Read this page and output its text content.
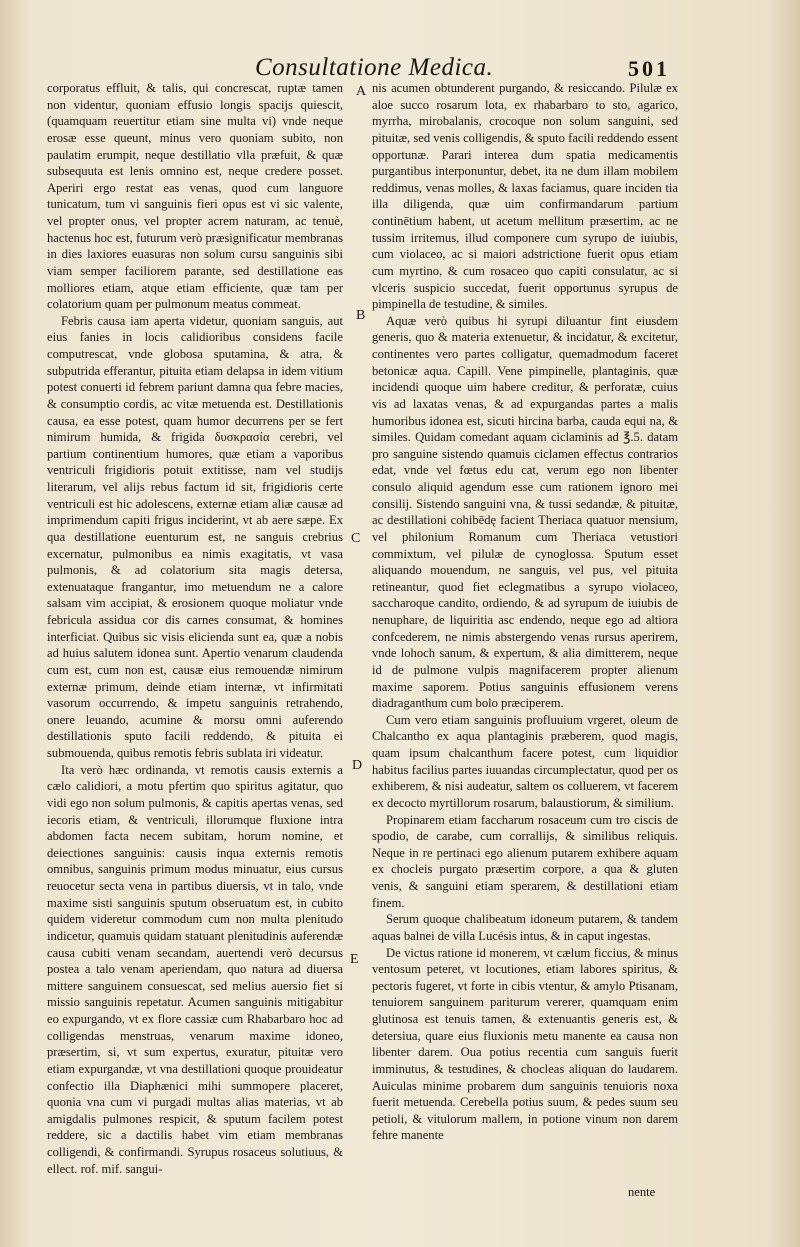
Consultatione Medica.	501

corporatus effluit, & talis, qui concrescat, ruptæ tamen non videntur, quoniam effusio longis spacijs quiescit, (quamquam reuertitur etiam sine multa vi) vnde neque erosæ esse queunt, minus vero quoniam subito, non paulatim erumpit, neque destillatio vlla præfuit, & quæ subsequuta est lenis omnino est, neque credere posset. Aperiri ergo restat eas venas, quod cum languore tunicatum, tum vi sanguinis fieri opus est vi sic valente, vel propter onus, vel propter acrem naturam, ac tenuè, hactenus hoc est, futurum verò præsignificatur membranas in dies laxiores euasuras non solum cursu sanguinis sibi viam semper faciliorem parante, sed destillatione eas molliores etiam, atque etiam efficiente, quæ tam per colatorium quam per pulmonum meatus commeat.

Febris causa iam aperta videtur, quoniam sanguis, aut eius fanies in locis calidioribus considens facile computrescat, vnde globosa sputamina, & atra, & subputrida efferantur, pituita etiam delapsa in idem vitium potest conuerti id febrem pariunt damna qua febre macies, & consumptio cordis, ac vitæ metuenda est. Destillationis causa, ea esse potest, quam humor decurrens per se fert nimirum humida, & frigida δυσκρασία cerebri, vel partium continentium humores, quæ etiam a vaporibus ventriculi frigidioris potuit extitisse, nam vel studijs literarum, vel alijs rebus factum id sit, frigidioris certe ventriculi est hic adolescens, externæ etiam aliæ causæ ad imprimendum capiti frigus inciderint, vt ab aere sæpe. Ex qua destillatione euenturum est, ne sanguis crebrius excernatur, pulmonibus ea nimis exagitatis, vt vasa pulmonis, & ad colatorium sita magis detersa, extenuataque frangantur, imo metuendum ne a calore salsam vim accipiat, & erosionem quoque moliatur vnde febricula assidua cor dis carnes consumat, & homines interficiat. Quibus sic visis elicienda sunt ea, quæ a nobis ad huius salutem idonea sunt. Apertio venarum claudenda cum est, cum non est, causæ eius remouendæ nimirum externæ primum, deinde etiam internæ, vt infirmitati vasorum occurrendo, & impetu sanguinis retrahendo, onere leuando, acumine & morsu omni auferendo destillationis sputo facili reddendo, & pituita ei submouenda, quibus remotis febris sublata iri videatur.

Ita verò hæc ordinanda, vt remotis causis externis a cælo calidiori, a motu pfertim quo spiritus agitatur, quo vidi ego non solum pulmonis, & capitis apertas venas, sed iecoris etiam, & ventriculi, illorumque fluxione intra abdomen facta necem subitam, horum nomine, et deiectiones sanguinis: causis inqua externis remotis omnibus, sanguinis primum modus minuatur, eius cursus reuocetur secta vena in partibus diuersis, vt in talo, vnde maxime sisti sanguinis sputum obseruatum est, in cubito quidem videretur commodum cum non multa plenitudo indicetur, quamuis quidam statuant plenitudinis auferendæ causa cubiti venam secandam, auertendi verò decursus postea a talo venam aperiendam, quo natura ad diuersa mittere sanguinem consuescat, sed melius auersio fiet si missio sanguinis repetatur. Acumen sanguinis mitigabitur eo expurgando, vt ex flore cassiæ cum Rhabarbaro hoc ad colligendas menstruas, venarum maxime idoneo, præsertim, si, vt sum expertus, exuratur, pituitæ vero etiam expurgandæ, vt vna destillationi quoque prouideatur confectio illa Diaphænici mihi summopere placeret, quonia vna cum vi purgadi multas alias materias, vt ab amigdalis pulmones respicit, & sputum facilem potest reddere, sic a dactilis habet vim etiam membranas colligendi, & confirmandi. Syrupus rosaceus solutiuus, & ellect. rof. mif. sangui-

A
B
C
D
E

nis acumen obtunderent purgando, & resiccando. Pilulæ ex aloe succo rosarum lota, ex rhabarbaro to sto, agarico, myrrha, mirobalanis, crocoque non solum sanguini, sed pituitæ, sed venis colligendis, & sputo facili reddendo essent opportunæ. Parari interea dum spatia medicamentis purgantibus interponuntur, debet, ita ne dum illam mobilem reddimus, venas molles, & laxas faciamus, quare inciden tia illa diligenda, quæ uim confirmandarum partium continētium habent, ut acetum mellitum præsertim, ac ne tussim irritemus, illud componere cum syrupo de iuiubis, cum violaceo, ac si maiori adstrictione fuerit opus etiam cum myrtino, & cum rosaceo quo capiti consulatur, ac si vlceris suspicio succedat, fuerit opportunus syrupus de pimpinella de testudine, & similes.

Aquæ verò quibus hi syrupi diluantur fint eiusdem generis, quo & materia extenuetur, & incidatur, & excitetur, continentes vero partes colligatur, quemadmodum faceret betonicæ aqua. Capill. Vene pimpinelle, plantaginis, quæ incidendi quoque uim habere creditur, & perforatæ, cuius vis ad laxatas venas, & ad expurgandas partes a malis humoribus idonea est, sicuti hircina barba, cauda equi na, & similes. Quidam comedant aquam ciclaminis ad ℥.5. datam pro sanguine sistendo quamuis ciclamen effectus contrarios edat, vnde vel fœtus edu cat, verum ego non libenter consulo aliquid agendum esse cum rationem ignoro mei consilij. Sistendo sanguini vna, & tussi sedandæ, & pituitæ, ac destillationi cohibēdę facient Theriaca quatuor mensium, vel philonium Romanum cum Theriaca vetustiori commixtum, vel pilulæ de cynoglossa. Sputum esset aliquando mouendum, ne sanguis, vel pus, vel pituita retineantur, quod fiet eclegmatibus a syrupo violaceo, saccharoque candito, ordiendo, & ad syrupum de iuiubis de nenuphare, de liquiritia asc endendo, neque ego ad altiora confcederem, ne nimis abstergendo venas rursus aperirem, vnde lohoch sanum, & expertum, & alia dimitterem, neque id de pulmone vulpis magnifacerem propter alienum maxime saporem. Potius sanguinis effusionem verens diadraganthum cum bolo præciperem.

Cum vero etiam sanguinis profluuium vrgeret, oleum de Chalcantho ex aqua plantaginis præberem, quod magis, quam ipsum chalcanthum facere potest, cum liquidior habitus facilius partes iuuandas circumplectatur, quod per os exhiberem, & nisi audeatur, saltem os colluerem, vt facerem ex decocto myrtillorum rosarum, balaustiorum, & similium.

Propinarem etiam faccharum rosaceum cum tro ciscis de spodio, de carabe, cum corrallijs, & similibus reliquis. Neque in re pertinaci ego alienum putarem exhibere aquam ex chocleis purgato præsertim corpore, a qua & gluten venis, & sanguini etiam sperarem, & destillationi etiam finem.

Serum quoque chalibeatum idoneum putarem, & tandem aquas balnei de villa Lucésis intus, & in caput ingestas.

De victus ratione id monerem, vt cælum ficcius, & minus ventosum peteret, vt locutiones, etiam labores spiritus, & pectoris fugeret, vt forte in cibis vtentur, & amylo Ptisanam, tenuiorem sanguinem pariturum vererer, quamquam enim glutinosa est tenuis tamen, & extenuantis generis est, & detersiua, quare eius fluxionis metu manente ea causa non libenter darem. Oua potius recentia cum sanguis fuerit imminutus, & testudines, & chocleas aliquan do laudarem. Auiculas minime probarem dum sanguinis tenuioris noxa fuerit metuenda. Cerebella potius suum, & pedes suum seu petioli, & vitulorum mallem, in potione vinum non darem fehre manente

nente
